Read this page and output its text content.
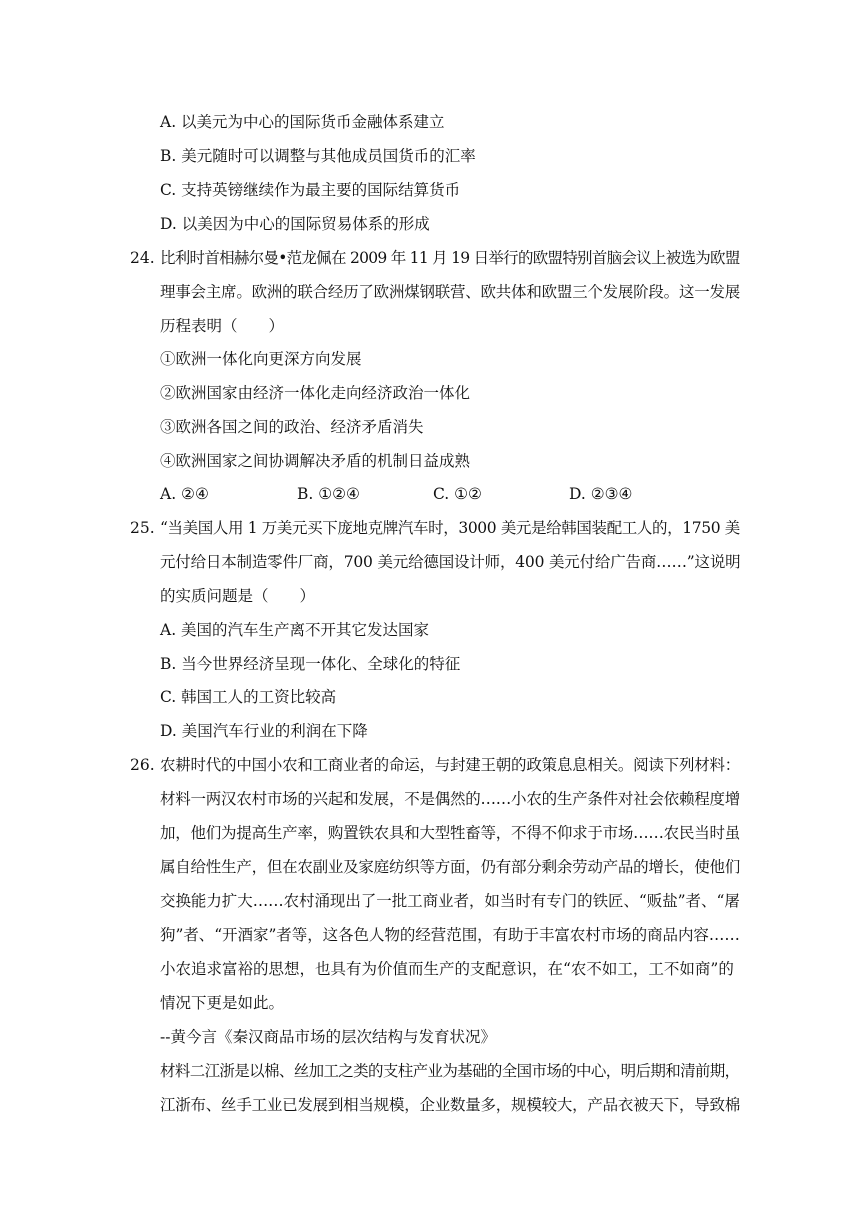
A. 以美元为中心的国际货币金融体系建立
B. 美元随时可以调整与其他成员国货币的汇率
C. 支持英镑继续作为最主要的国际结算货币
D. 以美因为中心的国际贸易体系的形成
24. 比利时首相赫尔曼•范龙佩在 2009 年 11 月 19 日举行的欧盟特别首脑会议上被选为欧盟
理事会主席。欧洲的联合经历了欧洲煤钢联营、欧共体和欧盟三个发展阶段。这一发展
历程表明（　　）
①欧洲一体化向更深方向发展
②欧洲国家由经济一体化走向经济政治一体化
③欧洲各国之间的政治、经济矛盾消失
④欧洲国家之间协调解决矛盾的机制日益成熟
A. ②④	B. ①②④	C. ①②	D. ②③④
25. “当美国人用 1 万美元买下庞地克牌汽车时，3000 美元是给韩国装配工人的，1750 美
元付给日本制造零件厂商，700 美元给德国设计师，400 美元付给广告商……”这说明
的实质问题是（　　）
A. 美国的汽车生产离不开其它发达国家
B. 当今世界经济呈现一体化、全球化的特征
C. 韩国工人的工资比较高
D. 美国汽车行业的利润在下降
26. 农耕时代的中国小农和工商业者的命运，与封建王朝的政策息息相关。阅读下列材料：
材料一两汉农村市场的兴起和发展，不是偶然的……小农的生产条件对社会依赖程度增
加，他们为提高生产率，购置铁农具和大型牲畜等，不得不仰求于市场……农民当时虽
属自给性生产，但在农副业及家庭纺织等方面，仍有部分剩余劳动产品的增长，使他们
交换能力扩大……农村涌现出了一批工商业者，如当时有专门的铁匠、“贩盐”者、“屠
狗”者、“开酒家”者等，这各色人物的经营范围，有助于丰富农村市场的商品内容……
小农追求富裕的思想，也具有为价值而生产的支配意识，在“农不如工，工不如商”的
情况下更是如此。
--黄今言《秦汉商品市场的层次结构与发育状况》
材料二江浙是以棉、丝加工之类的支柱产业为基础的全国市场的中心，明后期和清前期，
江浙布、丝手工业已发展到相当规模，企业数量多，规模较大，产品衣被天下，导致棉
